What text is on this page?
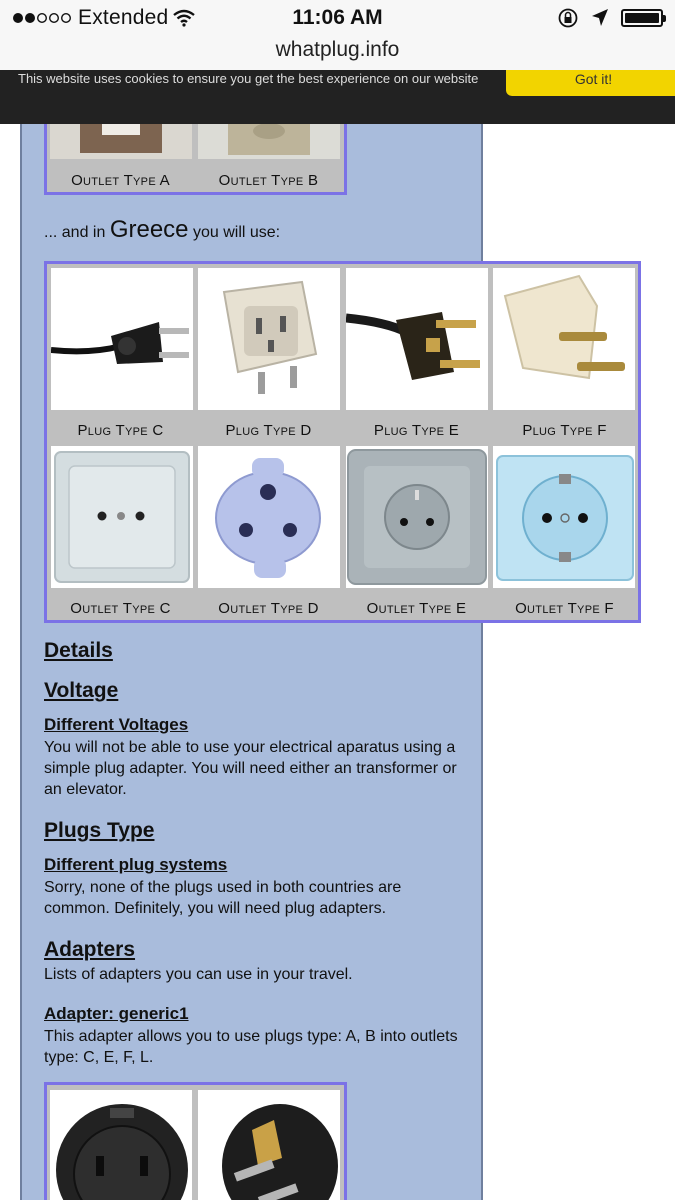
Extended	11:06 AM
whatplug.info
This website uses cookies to ensure you get the best experience on our website	Got it!
Outlet Type A	Outlet Type B
... and in Greece you will use:
Plug Type C	Plug Type D	Plug Type E	Plug Type F
Outlet Type C	Outlet Type D	Outlet Type E	Outlet Type F
Details
Voltage
Different Voltages

You will not be able to use your electrical aparatus using a simple plug adapter. You will need either an transformer or an elevator.

Plugs Type
Different plug systems

Sorry, none of the plugs used in both countries are common. Definitely, you will need plug adapters.

Adapters

Lists of adapters you can use in your travel.

Adapter: generic1

This adapter allows you to use plugs type: A, B into outlets type: C, E, F, L.
